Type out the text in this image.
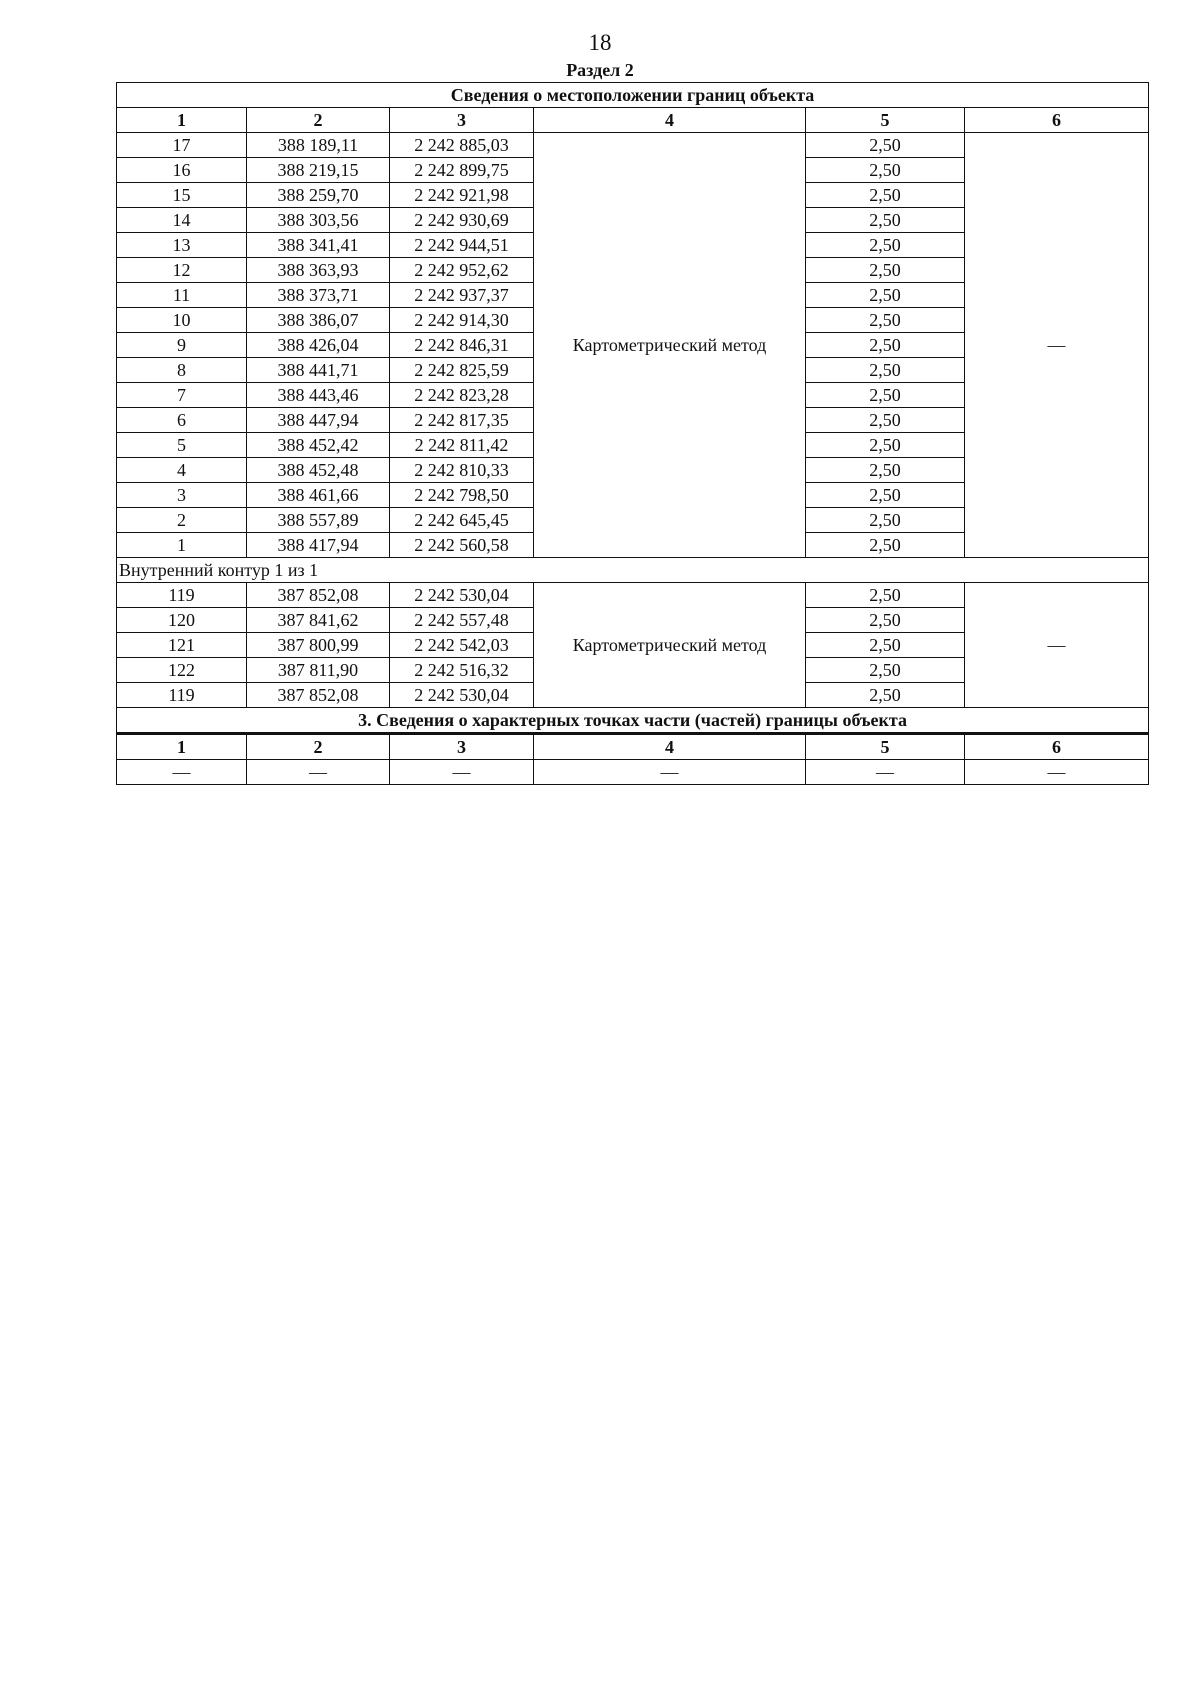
18
Раздел 2
Сведения о местоположении границ объекта					
1	2	3	4	5	6
17	388 189,11	2 242 885,03	Картометрический метод	2,50	—
16	388 219,15	2 242 899,75		2,50	
15	388 259,70	2 242 921,98		2,50	
14	388 303,56	2 242 930,69		2,50	
13	388 341,41	2 242 944,51		2,50	
12	388 363,93	2 242 952,62		2,50	
11	388 373,71	2 242 937,37		2,50	
10	388 386,07	2 242 914,30		2,50	
9	388 426,04	2 242 846,31		2,50	
8	388 441,71	2 242 825,59		2,50	
7	388 443,46	2 242 823,28		2,50	
6	388 447,94	2 242 817,35		2,50	
5	388 452,42	2 242 811,42		2,50	
4	388 452,48	2 242 810,33		2,50	
3	388 461,66	2 242 798,50		2,50	
2	388 557,89	2 242 645,45		2,50	
1	388 417,94	2 242 560,58		2,50	
Внутренний контур 1 из 1					
119	387 852,08	2 242 530,04	Картометрический метод	2,50	—
120	387 841,62	2 242 557,48		2,50	
121	387 800,99	2 242 542,03		2,50	
122	387 811,90	2 242 516,32		2,50	
119	387 852,08	2 242 530,04		2,50	
3. Сведения о характерных точках части (частей) границы объекта					
1	2	3	4	5	6
—	—	—	—	—	—
